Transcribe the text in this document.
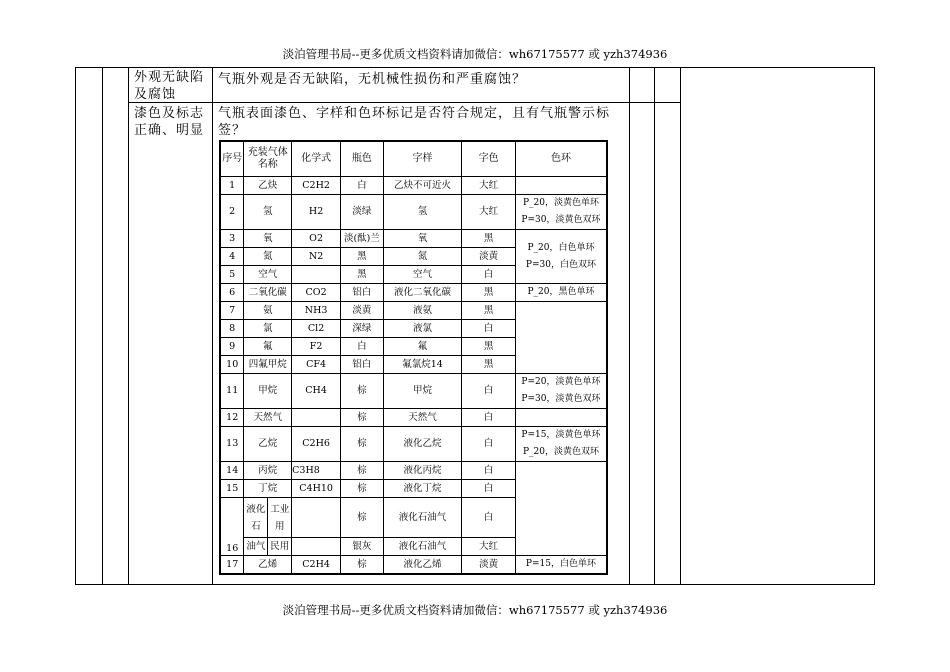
淡泊管理书局--更多优质文档资料请加微信：wh67175577 或 yzh374936
外观无缺陷及腐蚀
气瓶外观是否无缺陷，无机械性损伤和严重腐蚀？
漆色及标志正确、明显
气瓶表面漆色、字样和色环标记是否符合规定，且有气瓶警示标签？
序号	充装气体名称		化学式	瓶色	字样	字色	色环
1	乙炔		C2H2	白	乙炔不可近火	大红	
2	氢		H2	淡绿	氢	大红	P_20，淡黄色单环
P=30，淡黄色双环

3	氧		O2	淡(酞)兰	氧	黑	P_20，白色单环
P=30，白色双环

4	氮		N2	黑	氮	淡黄	
5	空气			黑	空气	白	
6	二氧化碳		CO2	铝白	液化二氧化碳	黑	P_20，黑色单环
7	氨		NH3	淡黄	液氨	黑	
8	氯		Cl2	深绿	液氯	白	
9	氟		F2	白	氟	黑	
10	四氟甲烷		CF4	铝白	氟氯烷14	黑	
11	甲烷		CH4	棕	甲烷	白	P=20，淡黄色单环
P=30，淡黄色双环

12	天然气			棕	天然气	白	
13	乙烷		C2H6	棕	液化乙烷	白	P=15，淡黄色单环
P_20，淡黄色双环

14	丙烷		C3H8	棕	液化丙烷	白	
15	丁烷		C4H10	棕	液化丁烷	白	
16	液化石	工业用		棕	液化石油气	白	
	油气	民用		银灰	液化石油气	大红	
17	乙烯		C2H4	棕	液化乙烯	淡黄	P=15，白色单环
淡泊管理书局--更多优质文档资料请加微信：wh67175577 或 yzh374936
